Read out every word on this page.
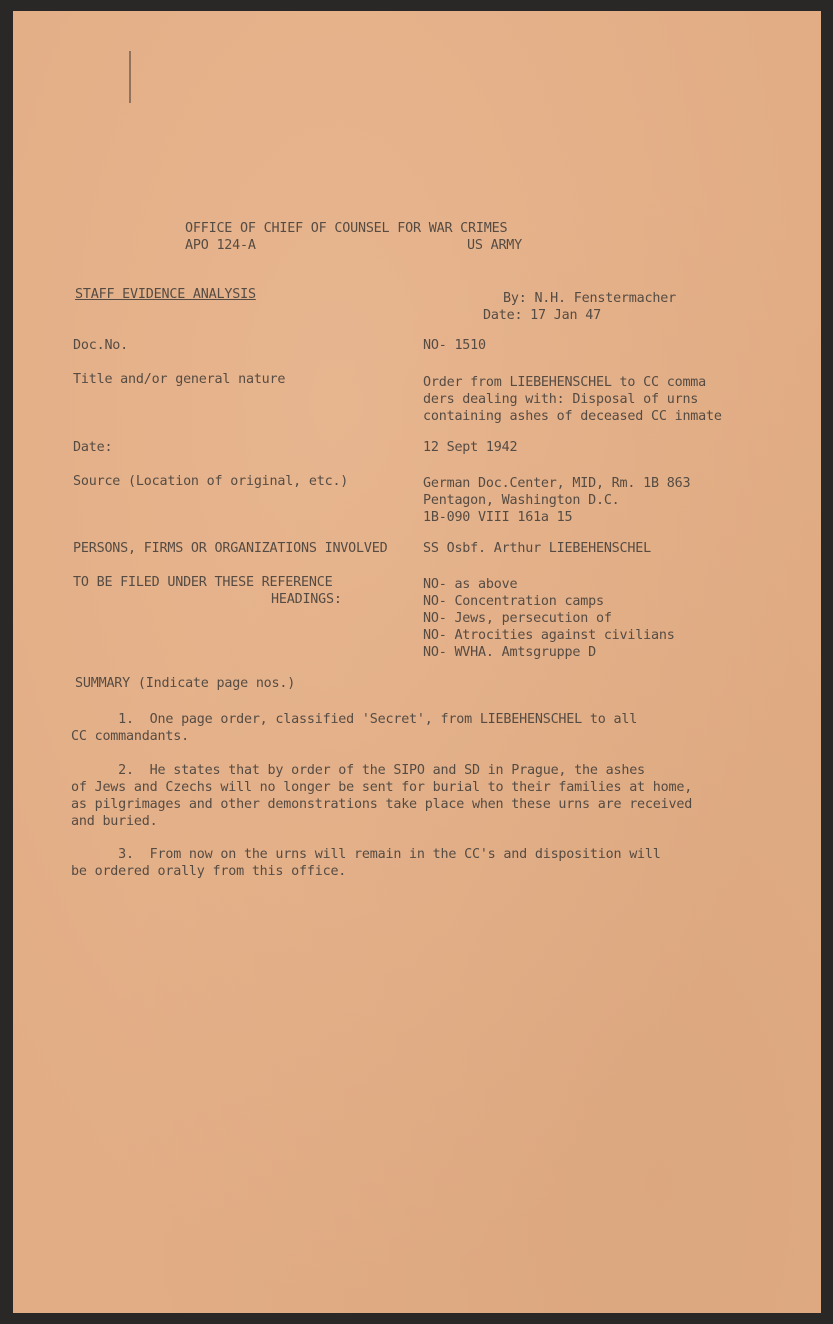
OFFICE OF CHIEF OF COUNSEL FOR WAR CRIMES
APO 124-A	US ARMY
STAFF EVIDENCE ANALYSIS	By: N.H. Fenstermacher
Date: 17 Jan 47
Doc.No.	NO- 1510
Title and/or general nature	Order from LIEBEHENSCHEL to CC comma
ders dealing with: Disposal of urns
containing ashes of deceased CC inmate
Date:	12 Sept 1942
Source (Location of original, etc.)	German Doc.Center, MID, Rm. 1B 863
Pentagon, Washington D.C.
1B-090 VIII 161a 15
PERSONS, FIRMS OR ORGANIZATIONS INVOLVED	SS Osbf. Arthur LIEBEHENSCHEL
TO BE FILED UNDER THESE REFERENCE
HEADINGS:
NO- as above
NO- Concentration camps
NO- Jews, persecution of
NO- Atrocities against civilians
NO- WVHA. Amtsgruppe D
SUMMARY (Indicate page nos.)
1.  One page order, classified 'Secret', from LIEBEHENSCHEL to all
CC commandants.
2.  He states that by order of the SIPO and SD in Prague, the ashes
of Jews and Czechs will no longer be sent for burial to their families at home,
as pilgrimages and other demonstrations take place when these urns are received
and buried.
3.  From now on the urns will remain in the CC's and disposition will
be ordered orally from this office.
